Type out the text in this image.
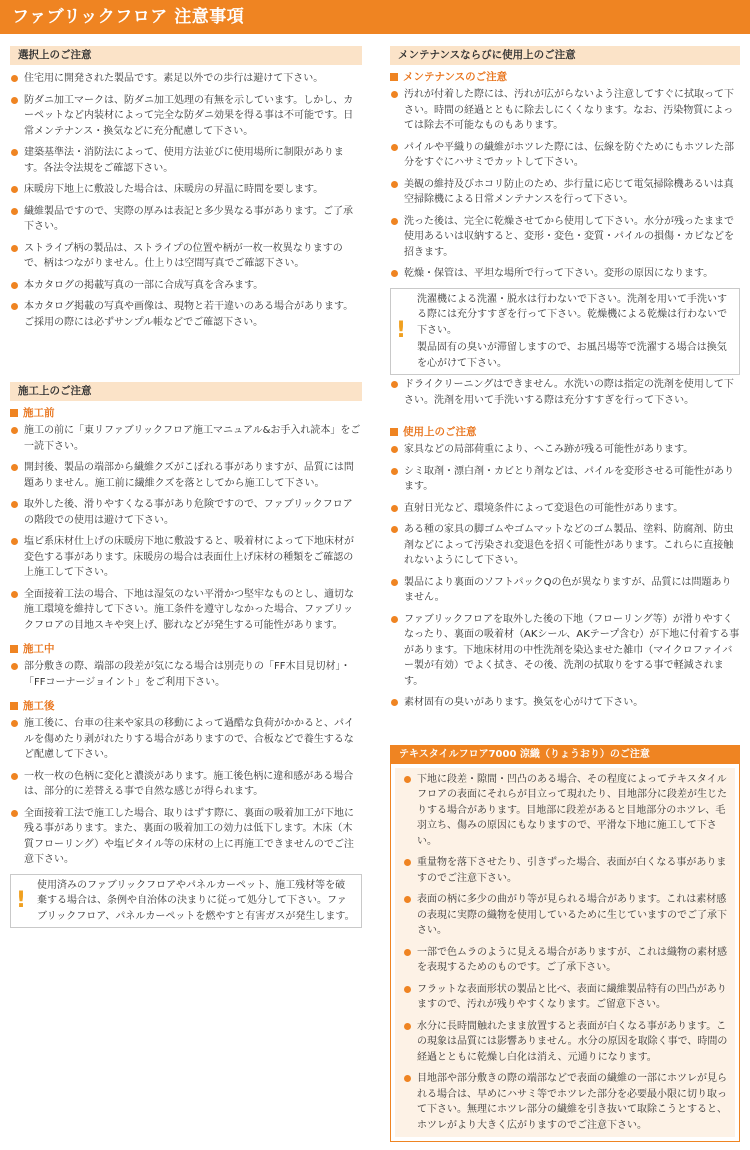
ファブリックフロア 注意事項
選択上のご注意
住宅用に開発された製品です。素足以外での歩行は避けて下さい。
防ダニ加工マークは、防ダニ加工処理の有無を示しています。しかし、カーペットなど内装材によって完全な防ダニ効果を得る事は不可能です。日常メンテナンス・換気などに充分配慮して下さい。
建築基準法・消防法によって、使用方法並びに使用場所に制限があります。各法令法規をご確認下さい。
床暖房下地上に敷設した場合は、床暖房の昇温に時間を要します。
繊維製品ですので、実際の厚みは表記と多少異なる事があります。ご了承下さい。
ストライプ柄の製品は、ストライプの位置や柄が一枚一枚異なりますので、柄はつながりません。仕上りは空間写真でご確認下さい。
本カタログの掲載写真の一部に合成写真を含みます。
本カタログ掲載の写真や画像は、現物と若干違いのある場合があります。ご採用の際には必ずサンプル帳などでご確認下さい。
施工上のご注意
施工前
施工の前に「東リファブリックフロア施工マニュアル&お手入れ読本」をご一読下さい。
開封後、製品の端部から繊維クズがこぼれる事がありますが、品質には問題ありません。施工前に繊維クズを落としてから施工して下さい。
取外した後、滑りやすくなる事があり危険ですので、ファブリックフロアの階段での使用は避けて下さい。
塩ビ系床材仕上げの床暖房下地に敷設すると、吸着材によって下地床材が変色する事があります。床暖房の場合は表面仕上げ床材の種類をご確認の上施工して下さい。
全面接着工法の場合、下地は湿気のない平滑かつ堅牢なものとし、適切な施工環境を維持して下さい。施工条件を遵守しなかった場合、ファブリックフロアの目地スキや突上げ、膨れなどが発生する可能性があります。
施工中
部分敷きの際、端部の段差が気になる場合は別売りの「FF木目見切材」・「FFコーナージョイント」をご利用下さい。
施工後
施工後に、台車の往来や家具の移動によって過酷な負荷がかかると、パイルを傷めたり剥がれたりする場合がありますので、合板などで養生するなど配慮して下さい。
一枚一枚の色柄に変化と濃淡があります。施工後色柄に違和感がある場合は、部分的に差替える事で自然な感じが得られます。
全面接着工法で施工した場合、取りはずす際に、裏面の吸着加工が下地に残る事があります。また、裏面の吸着加工の効力は低下します。木床（木質フローリング）や塩ビタイル等の床材の上に再施工できませんのでご注意下さい。
!

使用済みのファブリックフロアやパネルカーペット、施工残材等を破棄する場合は、条例や自治体の決まりに従って処分して下さい。ファブリックフロア、パネルカーペットを燃やすと有害ガスが発生します。

メンテナンスならびに使用上のご注意
メンテナンスのご注意
汚れが付着した際には、汚れが広がらないよう注意してすぐに拭取って下さい。時間の経過とともに除去しにくくなります。なお、汚染物質によっては除去不可能なものもあります。
パイルや平織りの繊維がホツレた際には、伝線を防ぐためにもホツレた部分をすぐにハサミでカットして下さい。
美観の維持及びホコリ防止のため、歩行量に応じて電気掃除機あるいは真空掃除機による日常メンテナンスを行って下さい。
洗った後は、完全に乾燥させてから使用して下さい。水分が残ったままで使用あるいは収納すると、変形・変色・変質・パイルの損傷・カビなどを招きます。
乾燥・保管は、平坦な場所で行って下さい。変形の原因になります。
!

洗濯機による洗濯・脱水は行わないで下さい。洗剤を用いて手洗いする際には充分すすぎを行って下さい。乾燥機による乾燥は行わないで下さい。

製品固有の臭いが滞留しますので、お風呂場等で洗濯する場合は換気を心がけて下さい。

ドライクリーニングはできません。水洗いの際は指定の洗剤を使用して下さい。洗剤を用いて手洗いする際は充分すすぎを行って下さい。
使用上のご注意
家具などの局部荷重により、へこみ跡が残る可能性があります。
シミ取剤・漂白剤・カビとり剤などは、パイルを変形させる可能性があります。
直射日光など、環境条件によって変退色の可能性があります。
ある種の家具の脚ゴムやゴムマットなどのゴム製品、塗料、防腐剤、防虫剤などによって汚染され変退色を招く可能性があります。これらに直接触れないようにして下さい。
製品により裏面のソフトパックQの色が異なりますが、品質には問題ありません。
ファブリックフロアを取外した後の下地（フローリング等）が滑りやすくなったり、裏面の吸着材（AKシール、AKテープ含む）が下地に付着する事があります。下地床材用の中性洗剤を染込ませた雑巾（マイクロファイバー製が有効）でよく拭き、その後、洗剤の拭取りをする事で軽減されます。
素材固有の臭いがあります。換気を心がけて下さい。
テキスタイルフロア7000 涼織（りょうおり）のご注意
下地に段差・隙間・凹凸のある場合、その程度によってテキスタイルフロアの表面にそれらが目立って現れたり、目地部分に段差が生じたりする場合があります。目地部に段差があると目地部分のホツレ、毛羽立ち、傷みの原因にもなりますので、平滑な下地に施工して下さい。
重量物を落下させたり、引きずった場合、表面が白くなる事がありますのでご注意下さい。
表面の柄に多少の曲がり等が見られる場合があります。これは素材感の表現に実際の織物を使用しているために生じていますのでご了承下さい。
一部で色ムラのように見える場合がありますが、これは織物の素材感を表現するためのものです。ご了承下さい。
フラットな表面形状の製品と比べ、表面に繊維製品特有の凹凸がありますので、汚れが残りやすくなります。ご留意下さい。
水分に長時間触れたまま放置すると表面が白くなる事があります。この現象は品質には影響ありません。水分の原因を取除く事で、時間の経過とともに乾燥し白化は消え、元通りになります。
目地部や部分敷きの際の端部などで表面の繊維の一部にホツレが見られる場合は、早めにハサミ等でホツレた部分を必要最小限に切り取って下さい。無理にホツレ部分の繊維を引き抜いて取除こうとすると、ホツレがより大きく広がりますのでご注意下さい。
